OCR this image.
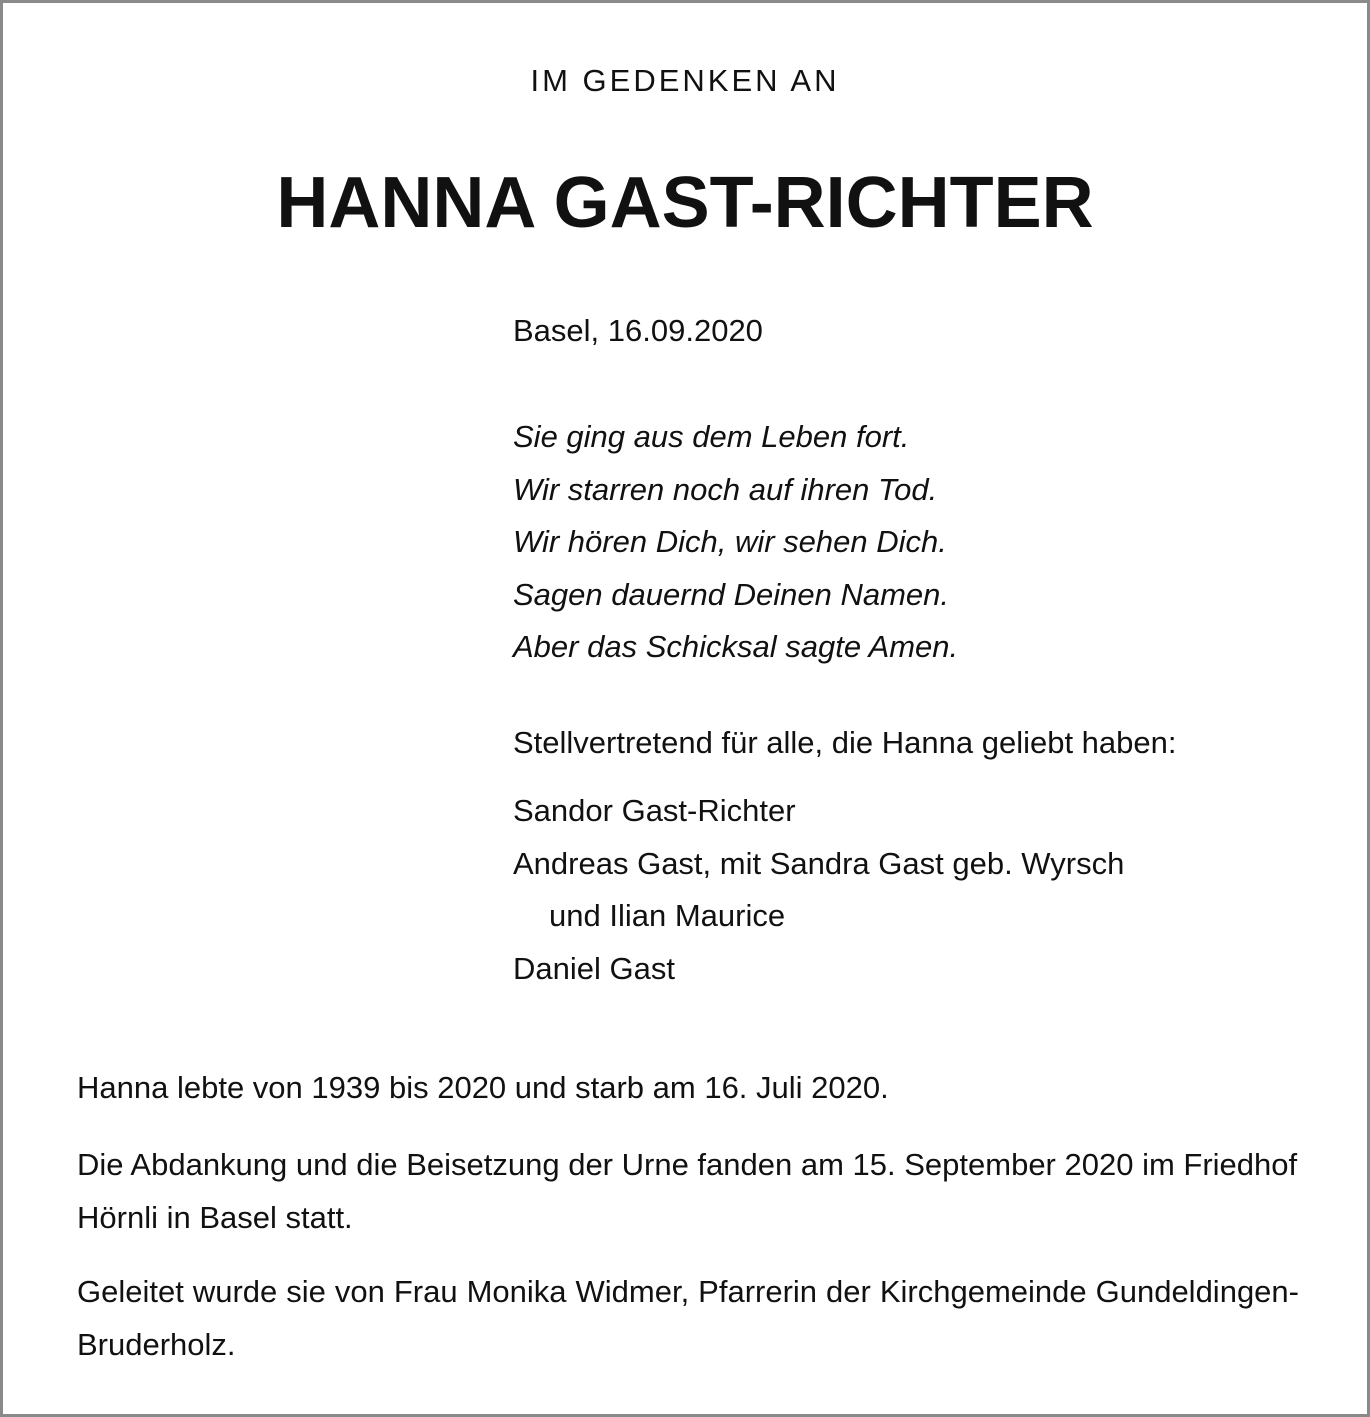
IM GEDENKEN AN
HANNA GAST-RICHTER
Basel, 16.09.2020
Sie ging aus dem Leben fort.
Wir starren noch auf ihren Tod.
Wir hören Dich, wir sehen Dich.
Sagen dauernd Deinen Namen.
Aber das Schicksal sagte Amen.
Stellvertretend für alle, die Hanna geliebt haben:
Sandor Gast-Richter
Andreas Gast, mit Sandra Gast geb. Wyrsch
und Ilian Maurice
Daniel Gast
Hanna lebte von 1939 bis 2020 und starb am 16. Juli 2020.
Die Abdankung und die Beisetzung der Urne fanden am 15. September 2020 im Friedhof Hörnli in Basel statt.
Geleitet wurde sie von Frau Monika Widmer, Pfarrerin der Kirchgemeinde Gundeldingen-Bruderholz.
